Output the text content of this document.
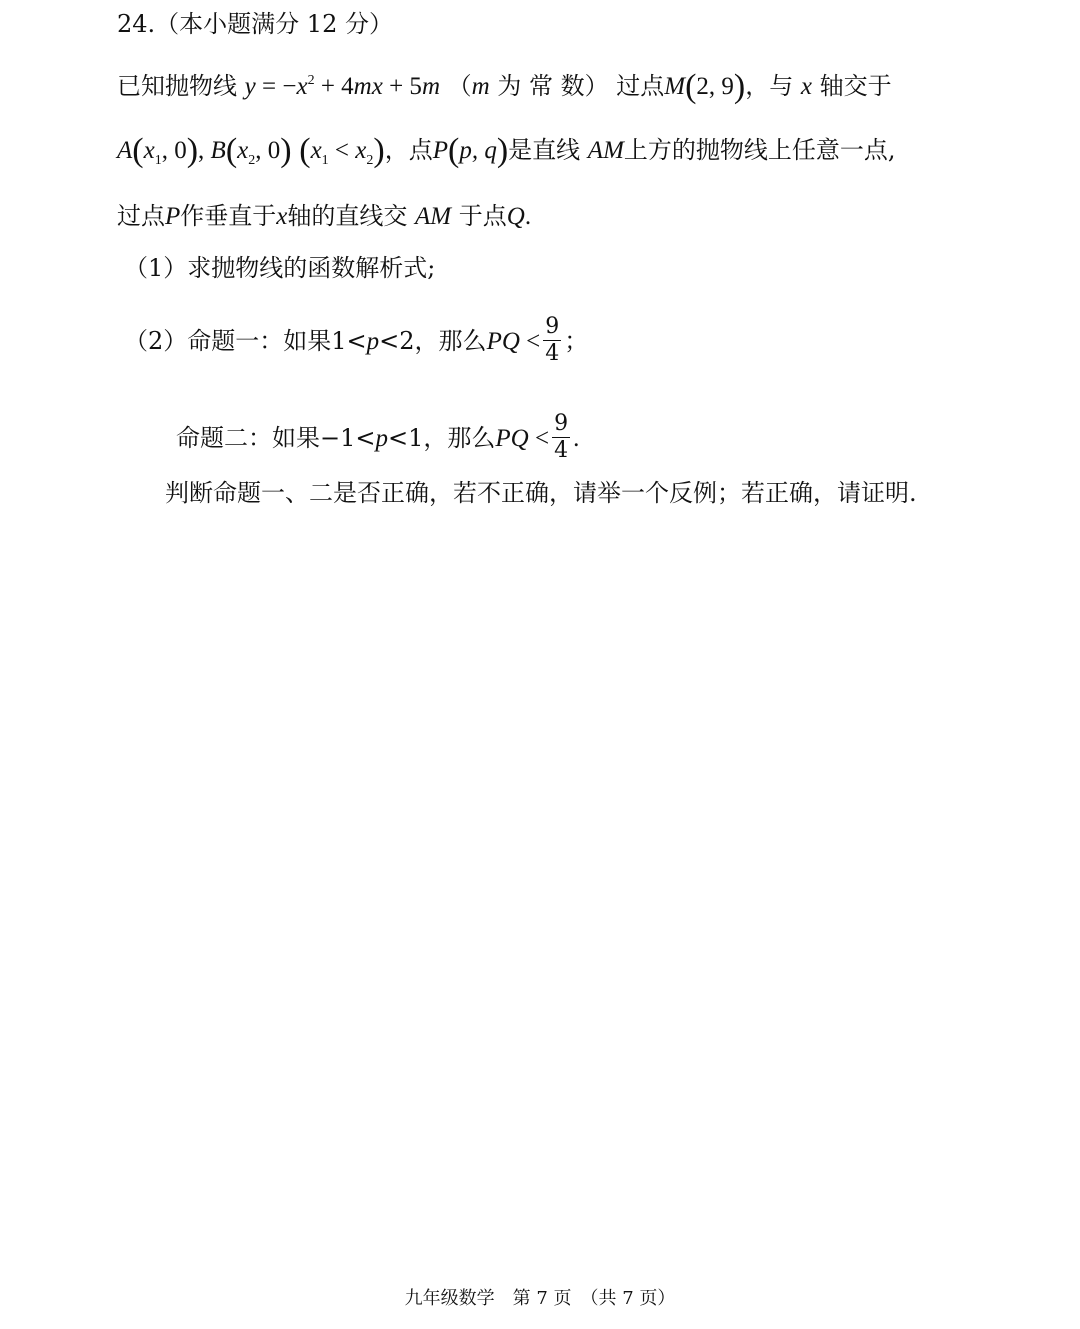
24.（本小题满分 12 分）
已知抛物线 $y = -x^2 + 4mx + 5m$ （m 为 常 数） 过点M(2, 9)，与 x 轴交于
$A(x_1$, 0), $B(x_2$, 0) $(x_1 < x_2)$，点P(p, q)是直线 AM上方的抛物线上任意一点,
过点P作垂直于x轴的直线交 AM 于点Q.
（1）求抛物线的函数解析式;
（2）命题一：如果1<p<2，那么PQ < $\frac{9}{4}$ ；
命题二：如果−1<p<1，那么PQ < $\frac{9}{4}$ .
判断命题一、二是否正确，若不正确，请举一个反例；若正确，请证明.
九年级数学　第 7 页　（共 7 页）
